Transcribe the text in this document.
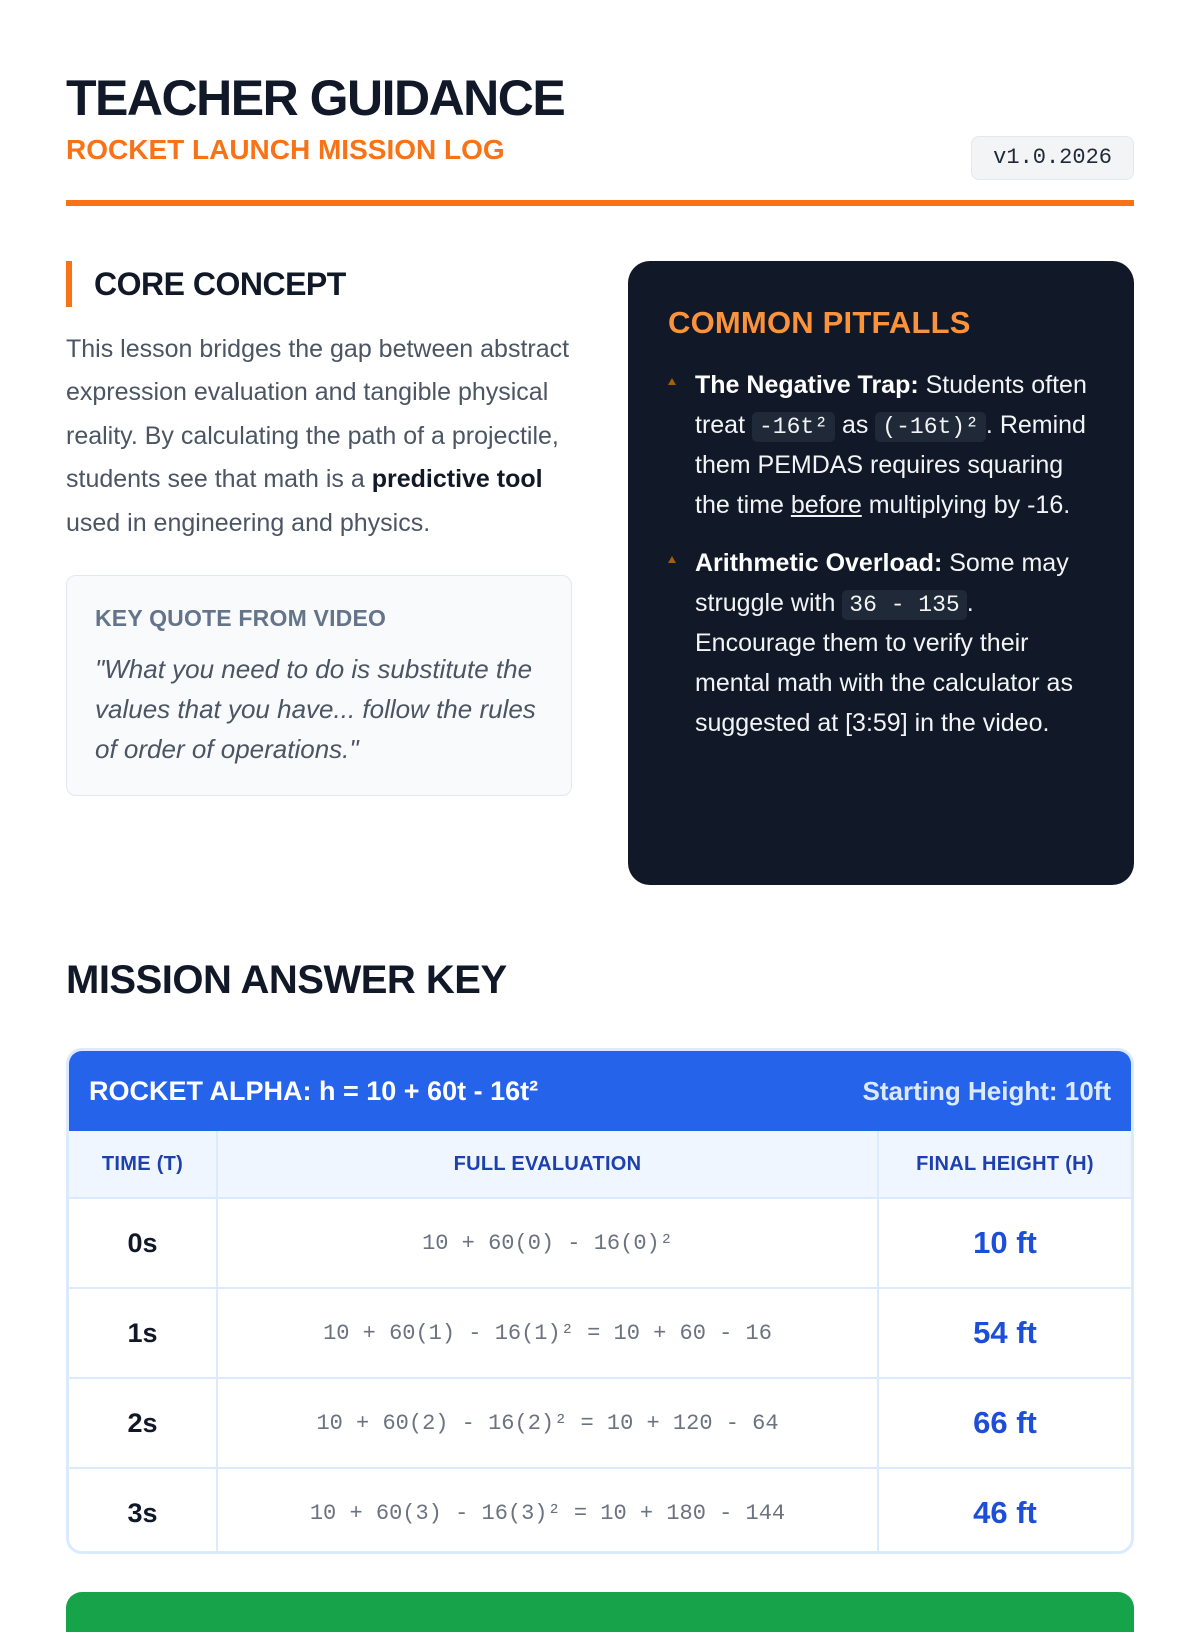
TEACHER GUIDANCE
ROCKET LAUNCH MISSION LOG	v1.0.2026
CORE CONCEPT

This lesson bridges the gap between abstract expression evaluation and tangible physical reality. By calculating the path of a projectile, students see that math is a predictive tool used in engineering and physics.

KEY QUOTE FROM VIDEO
"What you need to do is substitute the values that you have... follow the rules of order of operations."
COMMON PITFALLS
The Negative Trap: Students often treat -16t² as (-16t)² . Remind them PEMDAS requires squaring the time before multiplying by -16.
Arithmetic Overload: Some may struggle with 36 - 135 . Encourage them to verify their mental math with the calculator as suggested at [3:59] in the video.
MISSION ANSWER KEY
ROCKET ALPHA: h = 10 + 60t - 16t²	Starting Height: 10ft
TIME (T)	FULL EVALUATION	FINAL HEIGHT (H)
0s	10 + 60(0) - 16(0)²	10 ft
1s	10 + 60(1) - 16(1)² = 10 + 60 - 16	54 ft
2s	10 + 60(2) - 16(2)² = 10 + 120 - 64	66 ft
3s	10 + 60(3) - 16(3)² = 10 + 180 - 144	46 ft
